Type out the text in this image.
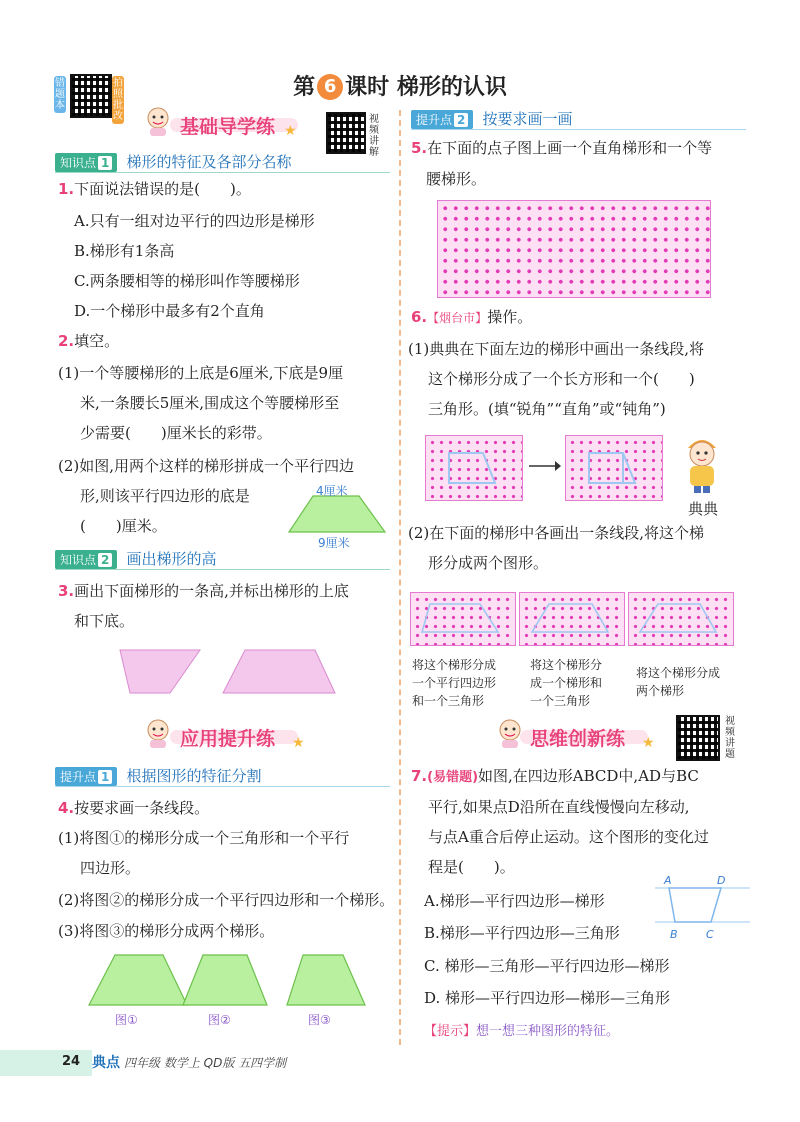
错题本
拍照批改
第 6 课时 梯形的认识
基础导学练 ★
视频讲解
知识点 1 梯形的特征及各部分名称
1.下面说法错误的是(　　)。
A.只有一组对边平行的四边形是梯形
B.梯形有1条高
C.两条腰相等的梯形叫作等腰梯形
D.一个梯形中最多有2个直角
2.填空。
(1)一个等腰梯形的上底是6厘米,下底是9厘
米,一条腰长5厘米,围成这个等腰梯形至
少需要(　　)厘米长的彩带。
(2)如图,用两个这样的梯形拼成一个平行四边
形,则该平行四边形的底是
(　　)厘米。
4厘米
9厘米
知识点 2 画出梯形的高
3.画出下面梯形的一条高,并标出梯形的上底
和下底。
应用提升练 ★
提升点 1 根据图形的特征分割
4.按要求画一条线段。
(1)将图①的梯形分成一个三角形和一个平行
四边形。
(2)将图②的梯形分成一个平行四边形和一个梯形。
(3)将图③的梯形分成两个梯形。
图①	图②	图③
提升点 2 按要求画一画
5.在下面的点子图上画一个直角梯形和一个等
腰梯形。
6.【烟台市】操作。
(1)典典在下面左边的梯形中画出一条线段,将
这个梯形分成了一个长方形和一个(　　)
三角形。(填“锐角”“直角”或“钝角”)
典典
(2)在下面的梯形中各画出一条线段,将这个梯
形分成两个图形。
将这个梯形分成
一个平行四边形
和一个三角形
将这个梯形分
成一个梯形和
一个三角形
将这个梯形分成
两个梯形
思维创新练 ★
视频讲题
7.(易错题)如图,在四边形ABCD中,AD与BC
平行,如果点D沿所在直线慢慢向左移动,
与点A重合后停止运动。这个图形的变化过
程是(　　)。
A.梯形—平行四边形—梯形
B.梯形—平行四边形—三角形
C. 梯形—三角形—平行四边形—梯形
D. 梯形—平行四边形—梯形—三角形
A	D
B	C
【提示】想一想三种图形的特征。
24 典点 四年级 数学上 QD版 五四学制
